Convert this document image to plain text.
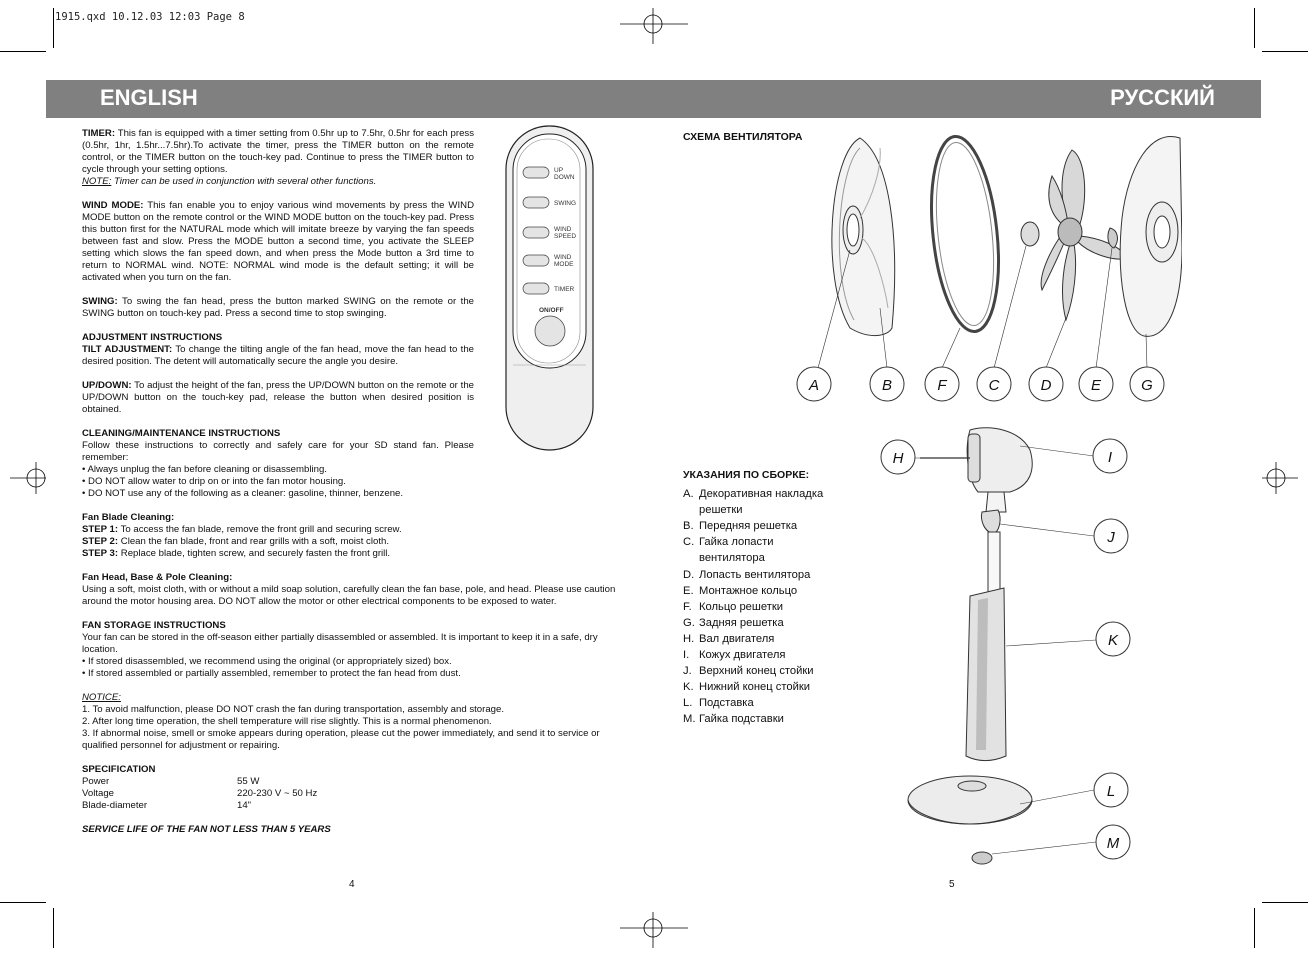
1915.qxd 10.12.03 12:03 Page 8
ENGLISH	РУССКИЙ

TIMER: This fan is equipped with a timer setting from 0.5hr up to 7.5hr, 0.5hr for each press (0.5hr, 1hr, 1.5hr...7.5hr).To activate the timer, press the TIMER button on the remote control, or the TIMER button on the touch-key pad. Continue to press the TIMER button to cycle through your setting options.

NOTE: Timer can be used in conjunction with several other functions.

WIND MODE: This fan enable you to enjoy various wind movements by press the WIND MODE button on the remote control or the WIND MODE button on the touch-key pad. Press this button first for the NATURAL mode which will imitate breeze by varying the fan speeds between fast and slow. Press the MODE button a second time, you activate the SLEEP setting which slows the fan speed down, and when press the Mode button a 3rd time to return to NORMAL wind. NOTE: NORMAL wind mode is the default setting; it will be activated when you turn on the fan.

SWING: To swing the fan head, press the button marked SWING on the remote or the SWING button on touch-key pad. Press a second time to stop swinging.

ADJUSTMENT INSTRUCTIONS

TILT ADJUSTMENT: To change the tilting angle of the fan head, move the fan head to the desired position. The detent will automatically secure the angle you desire.

UP/DOWN: To adjust the height of the fan, press the UP/DOWN button on the remote or the UP/DOWN button on the touch-key pad, release the button when desired position is obtained.

CLEANING/MAINTENANCE INSTRUCTIONS

Follow these instructions to correctly and safely care for your SD stand fan. Please remember:

• Always unplug the fan before cleaning or disassembling.

• DO NOT allow water to drip on or into the fan motor housing.

• DO NOT use any of the following as a cleaner: gasoline, thinner, benzene.

Fan Blade Cleaning:

STEP 1: To access the fan blade, remove the front grill and securing screw.

STEP 2: Clean the fan blade, front and rear grills with a soft, moist cloth.

STEP 3: Replace blade, tighten screw, and securely fasten the front grill.

Fan Head, Base & Pole Cleaning:

Using a soft, moist cloth, with or without a mild soap solution, carefully clean the fan base, pole, and head. Please use caution around the motor housing area. DO NOT allow the motor or other electrical components to be exposed to water.

FAN STORAGE INSTRUCTIONS

Your fan can be stored in the off-season either partially disassembled or assembled. It is important to keep it in a safe, dry location.

• If stored disassembled, we recommend using the original (or appropriately sized) box.

• If stored assembled or partially assembled, remember to protect the fan head from dust.

NOTICE:

1. To avoid malfunction, please DO NOT crash the fan during transportation, assembly and storage.

2. After long time operation, the shell temperature will rise slightly. This is a normal phenomenon.

3. If abnormal noise, smell or smoke appears during operation, please cut the power immediately, and send it to service or qualified personnel for adjustment or repairing.

SPECIFICATION
Power	55 W
Voltage	220-230 V ~ 50 Hz
Blade-diameter	14"

SERVICE LIFE OF THE FAN NOT LESS THAN 5 YEARS

UP
DOWN
SWING
WIND
SPEED
WIND
MODE
TIMER
ON/OFF
СХЕМА ВЕНТИЛЯТОРА
A	B	F	C	D	E	G
УКАЗАНИЯ ПО СБОРКЕ:
A. Декоративная накладка
решетки
B. Передняя решетка
C. Гайка лопасти
вентилятора
D. Лопасть вентилятора
E. Монтажное кольцо
F. Кольцо решетки
G. Задняя решетка
H. Вал двигателя
I. Кожух двигателя
J. Верхний конец стойки
K. Нижний конец стойки
L. Подставка
M. Гайка подставки
H	I
J
K
L
M
4	5
